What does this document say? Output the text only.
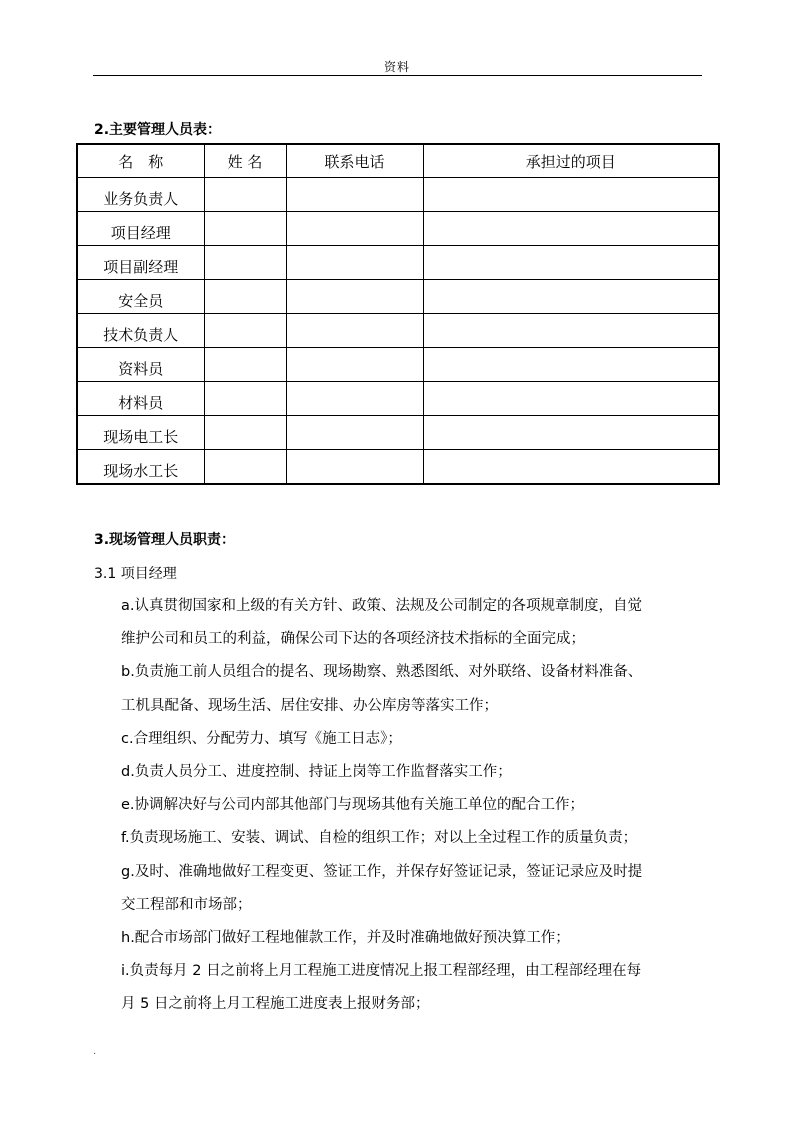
资料
2.主要管理人员表：
名　称	姓 名	联系电话	承担过的项目
业务负责人			
项目经理			
项目副经理			
安全员			
技术负责人			
资料员			
材料员			
现场电工长			
现场水工长			
3.现场管理人员职责：
3.1 项目经理
a.认真贯彻国家和上级的有关方针、政策、法规及公司制定的各项规章制度，自觉
维护公司和员工的利益，确保公司下达的各项经济技术指标的全面完成；
b.负责施工前人员组合的提名、现场勘察、熟悉图纸、对外联络、设备材料准备、
工机具配备、现场生活、居住安排、办公库房等落实工作；
c.合理组织、分配劳力、填写《施工日志》；
d.负责人员分工、进度控制、持证上岗等工作监督落实工作；
e.协调解决好与公司内部其他部门与现场其他有关施工单位的配合工作；
f.负责现场施工、安装、调试、自检的组织工作；对以上全过程工作的质量负责；
g.及时、准确地做好工程变更、签证工作，并保存好签证记录，签证记录应及时提
交工程部和市场部；
h.配合市场部门做好工程地催款工作，并及时准确地做好预决算工作；
i.负责每月 2 日之前将上月工程施工进度情况上报工程部经理，由工程部经理在每
月 5 日之前将上月工程施工进度表上报财务部；
.
